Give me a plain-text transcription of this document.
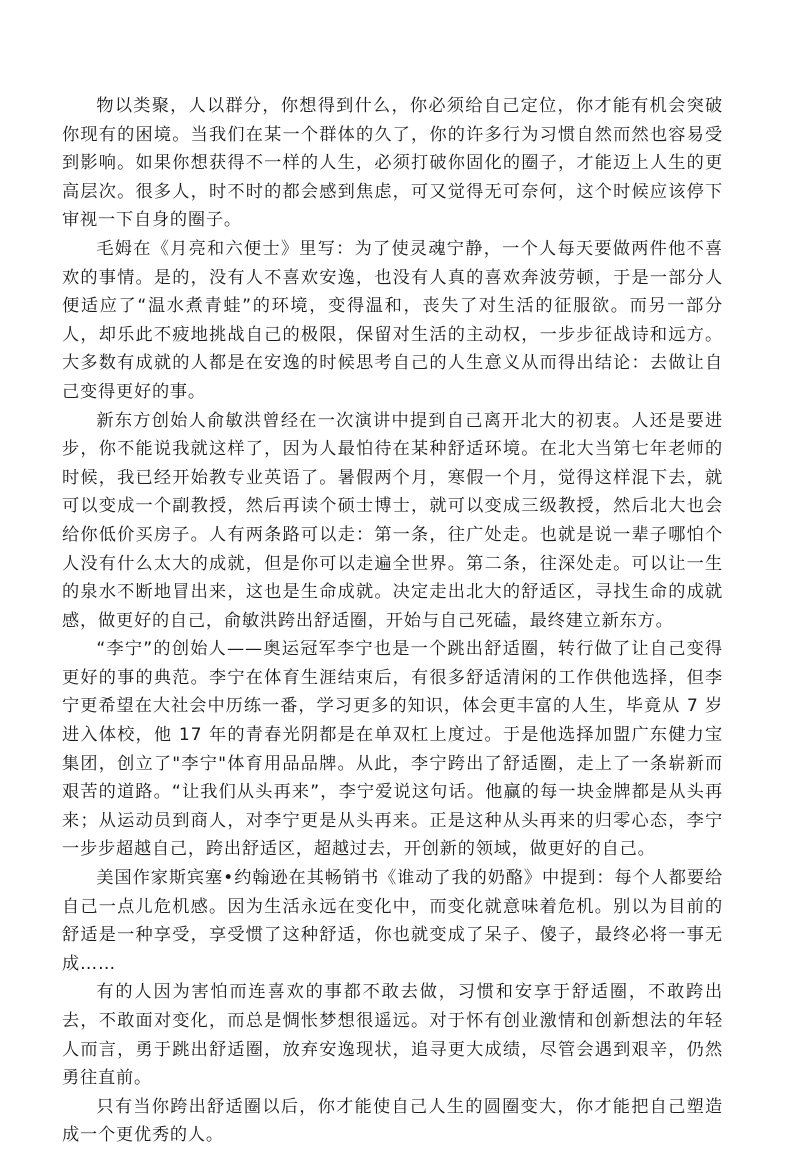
物以类聚，人以群分，你想得到什么，你必须给自己定位，你才能有机会突破你现有的困境。当我们在某一个群体的久了，你的许多行为习惯自然而然也容易受到影响。如果你想获得不一样的人生，必须打破你固化的圈子，才能迈上人生的更高层次。很多人，时不时的都会感到焦虑，可又觉得无可奈何，这个时候应该停下审视一下自身的圈子。

毛姆在《月亮和六便士》里写：为了使灵魂宁静，一个人每天要做两件他不喜欢的事情。是的，没有人不喜欢安逸，也没有人真的喜欢奔波劳顿，于是一部分人便适应了“温水煮青蛙”的环境，变得温和，丧失了对生活的征服欲。而另一部分人，却乐此不疲地挑战自己的极限，保留对生活的主动权，一步步征战诗和远方。大多数有成就的人都是在安逸的时候思考自己的人生意义从而得出结论：去做让自己变得更好的事。

新东方创始人俞敏洪曾经在一次演讲中提到自己离开北大的初衷。人还是要进步，你不能说我就这样了，因为人最怕待在某种舒适环境。在北大当第七年老师的时候，我已经开始教专业英语了。暑假两个月，寒假一个月，觉得这样混下去，就可以变成一个副教授，然后再读个硕士博士，就可以变成三级教授，然后北大也会给你低价买房子。人有两条路可以走：第一条，往广处走。也就是说一辈子哪怕个人没有什么太大的成就，但是你可以走遍全世界。第二条，往深处走。可以让一生的泉水不断地冒出来，这也是生命成就。决定走出北大的舒适区，寻找生命的成就感，做更好的自己，俞敏洪跨出舒适圈，开始与自己死磕，最终建立新东方。

“李宁”的创始人——奥运冠军李宁也是一个跳出舒适圈，转行做了让自己变得更好的事的典范。李宁在体育生涯结束后，有很多舒适清闲的工作供他选择，但李宁更希望在大社会中历练一番，学习更多的知识，体会更丰富的人生，毕竟从 7 岁进入体校，他 17 年的青春光阴都是在单双杠上度过。于是他选择加盟广东健力宝集团，创立了"李宁"体育用品品牌。从此，李宁跨出了舒适圈，走上了一条崭新而艰苦的道路。“让我们从头再来”，李宁爱说这句话。他赢的每一块金牌都是从头再来；从运动员到商人，对李宁更是从头再来。正是这种从头再来的归零心态，李宁一步步超越自己，跨出舒适区，超越过去，开创新的领域，做更好的自己。

美国作家斯宾塞•约翰逊在其畅销书《谁动了我的奶酪》中提到：每个人都要给自己一点儿危机感。因为生活永远在变化中，而变化就意味着危机。别以为目前的舒适是一种享受，享受惯了这种舒适，你也就变成了呆子、傻子，最终必将一事无成……

有的人因为害怕而连喜欢的事都不敢去做，习惯和安享于舒适圈，不敢跨出去，不敢面对变化，而总是惆怅梦想很遥远。对于怀有创业激情和创新想法的年轻人而言，勇于跳出舒适圈，放弃安逸现状，追寻更大成绩，尽管会遇到艰辛，仍然勇往直前。

只有当你跨出舒适圈以后，你才能使自己人生的圆圈变大，你才能把自己塑造成一个更优秀的人。
